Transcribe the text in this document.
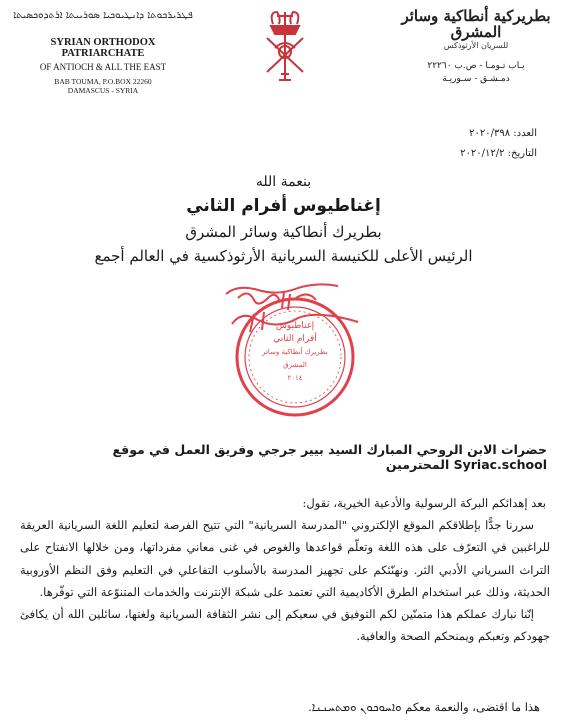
ܦܛܪܝܪܟܘܬܐ ܕܐܢܛܝܘܟܝܐ ܣܘܪܝܝܬܐ ܐܪܬܕܘܟܣܝܬܐ
SYRIAN ORTHODOX PATRIARCHATE
OF ANTIOCH & ALL THE EAST
BAB TOUMA, P.O.BOX 22260
DAMASCUS - SYRIA
بطريركية أنطاكية وسائر المشرق
للسريان الأرثوذكس
بـاب تـومـا - ص.ب ٢٢٢٦٠
دمـشـق - سـوريـة
العدد: ٢٠٢٠/٣٩٨
التاريخ: ٢٠٢٠/١٢/٢
بنعمة الله
إغناطيوس أفرام الثاني
بطريرك أنطاكية وسائر المشرق
الرئيس الأعلى للكنيسة السريانية الأرثوذكسية في العالم أجمع
إغناطيوس
أفرام الثاني
بطريرك أنطاكية وسائر المشرق
٢٠١٤
حضرات الابن الروحي المبارك السيد بيير جرجي وفريق العمل في موقع Syriac.school المحترمين

بعد إهدائكم البركة الرسولية والأدعية الخيرية، نقول:

سررنا جدًّا بإطلاقكم الموقع الإلكتروني "المدرسة السريانية" التي تتيح الفرصة لتعليم اللغة السريانية العريقة للراغبين في التعرّف على هذه اللغة وتعلّم قواعدها والغوص في غنى معاني مفرداتها، ومن خلالها الانفتاح على التراث السرياني الأدبي الثر. ونهنّئكم على تجهيز المدرسة بالأسلوب التفاعلي في التعليم وفق النظم الأوروبية الحديثة، وذلك عبر استخدام الطرق الأكاديمية التي تعتمد على شبكة الإنترنت والخدمات المتنوّعة التي توفّرها.

إنّنا نبارك عملكم هذا متمنّين لكم التوفيق في سعيكم إلى نشر الثقافة السريانية ولغتها، سائلين الله أن يكافئ جهودكم وتعبكم ويمنحكم الصحة والعافية.

هذا ما اقتضى، والنعمة معكم ܘܐܚܘܟܘܢ ܘܡܬܚܢܢܐ.
